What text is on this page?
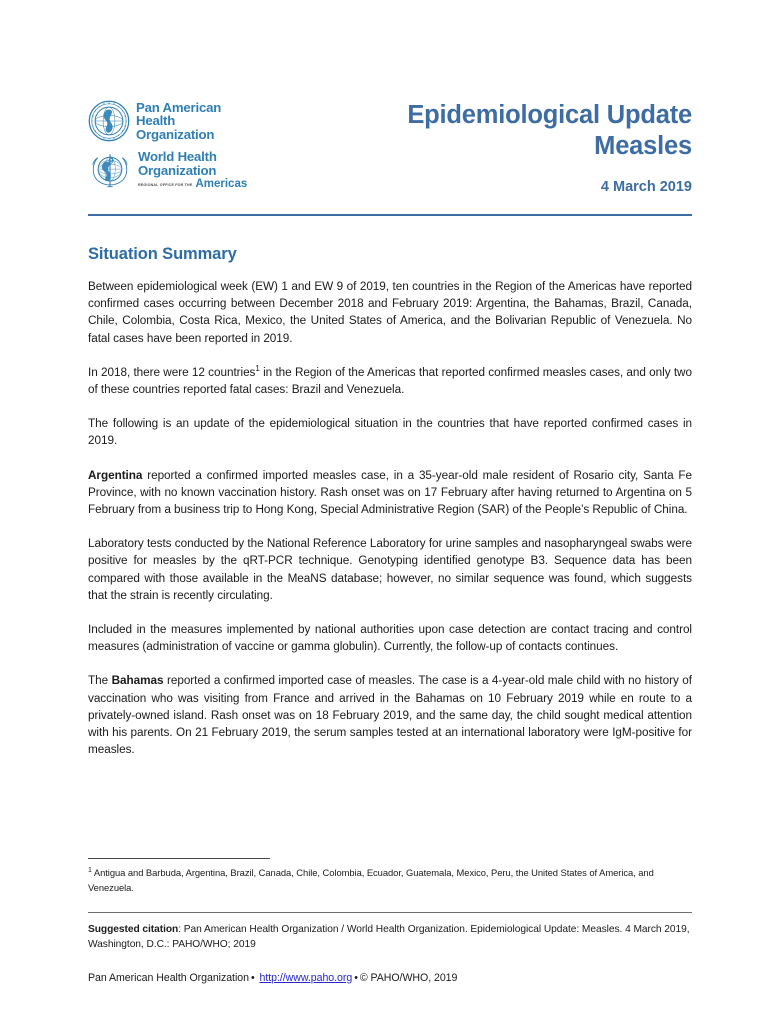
Pan American
Health
Organization
World Health
Organization
REGIONAL OFFICE FOR THE Americas
Epidemiological Update
Measles
4 March 2019
Situation Summary

Between epidemiological week (EW) 1 and EW 9 of 2019, ten countries in the Region of the Americas have reported confirmed cases occurring between December 2018 and February 2019: Argentina, the Bahamas, Brazil, Canada, Chile, Colombia, Costa Rica, Mexico, the United States of America, and the Bolivarian Republic of Venezuela. No fatal cases have been reported in 2019.

In 2018, there were 12 countries$^1$ in the Region of the Americas that reported confirmed measles cases, and only two of these countries reported fatal cases: Brazil and Venezuela.

The following is an update of the epidemiological situation in the countries that have reported confirmed cases in 2019.

Argentina reported a confirmed imported measles case, in a 35-year-old male resident of Rosario city, Santa Fe Province, with no known vaccination history. Rash onset was on 17 February after having returned to Argentina on 5 February from a business trip to Hong Kong, Special Administrative Region (SAR) of the People’s Republic of China.

Laboratory tests conducted by the National Reference Laboratory for urine samples and nasopharyngeal swabs were positive for measles by the qRT-PCR technique. Genotyping identified genotype B3. Sequence data has been compared with those available in the MeaNS database; however, no similar sequence was found, which suggests that the strain is recently circulating.

Included in the measures implemented by national authorities upon case detection are contact tracing and control measures (administration of vaccine or gamma globulin). Currently, the follow-up of contacts continues.

The Bahamas reported a confirmed imported case of measles. The case is a 4-year-old male child with no history of vaccination who was visiting from France and arrived in the Bahamas on 10 February 2019 while en route to a privately-owned island. Rash onset was on 18 February 2019, and the same day, the child sought medical attention with his parents. On 21 February 2019, the serum samples tested at an international laboratory were IgM-positive for measles.

$^1$ Antigua and Barbuda, Argentina, Brazil, Canada, Chile, Colombia, Ecuador, Guatemala, Mexico, Peru, the United States of America, and Venezuela.
Suggested citation: Pan American Health Organization / World Health Organization. Epidemiological Update: Measles. 4 March 2019, Washington, D.C.: PAHO/WHO; 2019
Pan American Health Organization • http://www.paho.org • © PAHO/WHO, 2019
